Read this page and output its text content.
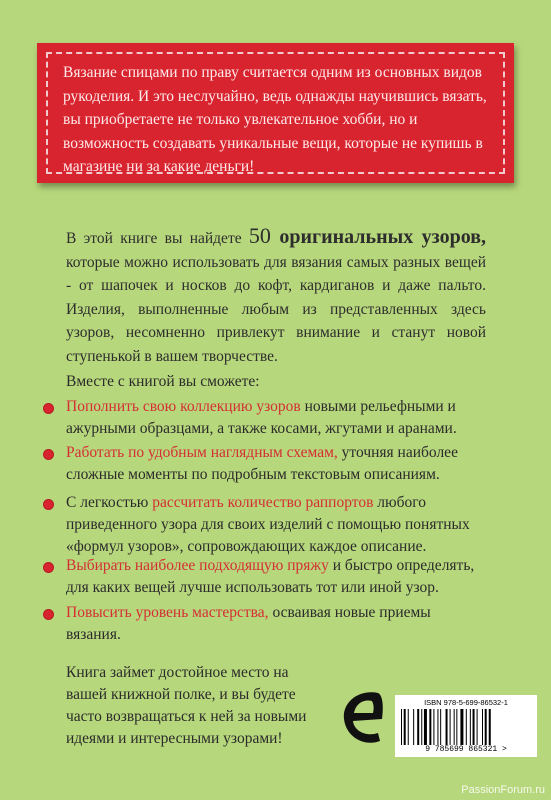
Вязание спицами по праву считается одним из основных видов рукоделия. И это неслучайно, ведь однажды научившись вязать, вы приобретаете не только увлекательное хобби, но и возможность создавать уникальные вещи, которые не купишь в магазине ни за какие деньги!

В этой книге вы найдете 50 оригинальных узоров, которые можно использовать для вязания самых разных вещей - от шапочек и носков до кофт, кардиганов и даже пальто. Изделия, выполненные любым из представленных здесь узоров, несомненно привлекут внимание и станут новой ступенькой в вашем творчестве.

Вместе с книгой вы сможете:

Пополнить свою коллекцию узоров новыми рельефными и ажурными образцами, а также косами, жгутами и аранами.

Работать по удобным наглядным схемам, уточняя наиболее сложные моменты по подробным текстовым описаниям.

С легкостью рассчитать количество раппортов любого приведенного узора для своих изделий с помощью понятных «формул узоров», сопровождающих каждое описание.

Выбирать наиболее подходящую пряжу и быстро определять, для каких вещей лучше использовать тот или иной узор.

Повысить уровень мастерства, осваивая новые приемы вязания.

Книга займет достойное место на вашей книжной полке, и вы будете часто возвращаться к ней за новыми идеями и интересными узорами!

ISBN 978-5-699-86532-1
9 785699 865321 >
PassionForum.ru
